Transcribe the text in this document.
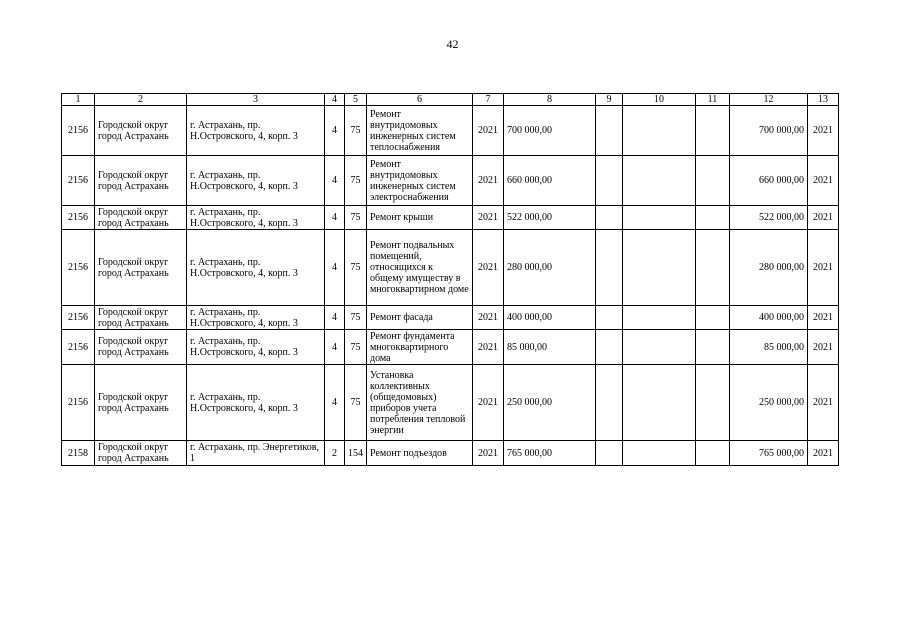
42
1	2	3	4	5	6	7	8	9	10	11	12	13
2156	Городской округ город Астрахань	г. Астрахань, пр. Н.Островского, 4, корп. 3	4	75	Ремонт внутридомовых инженерных систем теплоснабжения	2021	700 000,00				700 000,00	2021
2156	Городской округ город Астрахань	г. Астрахань, пр. Н.Островского, 4, корп. 3	4	75	Ремонт внутридомовых инженерных систем электроснабжения	2021	660 000,00				660 000,00	2021
2156	Городской округ город Астрахань	г. Астрахань, пр. Н.Островского, 4, корп. 3	4	75	Ремонт крыши	2021	522 000,00				522 000,00	2021
2156	Городской округ город Астрахань	г. Астрахань, пр. Н.Островского, 4, корп. 3	4	75	Ремонт подвальных помещений, относящихся к общему имуществу в многоквартирном доме	2021	280 000,00				280 000,00	2021
2156	Городской округ город Астрахань	г. Астрахань, пр. Н.Островского, 4, корп. 3	4	75	Ремонт фасада	2021	400 000,00				400 000,00	2021
2156	Городской округ город Астрахань	г. Астрахань, пр. Н.Островского, 4, корп. 3	4	75	Ремонт фундамента многоквартирного дома	2021	85 000,00				85 000,00	2021
2156	Городской округ город Астрахань	г. Астрахань, пр. Н.Островского, 4, корп. 3	4	75	Установка коллективных (общедомовых) приборов учета потребления тепловой энергии	2021	250 000,00				250 000,00	2021
2158	Городской округ город Астрахань	г. Астрахань, пр. Энергетиков, 1	2	154	Ремонт подъездов	2021	765 000,00				765 000,00	2021
